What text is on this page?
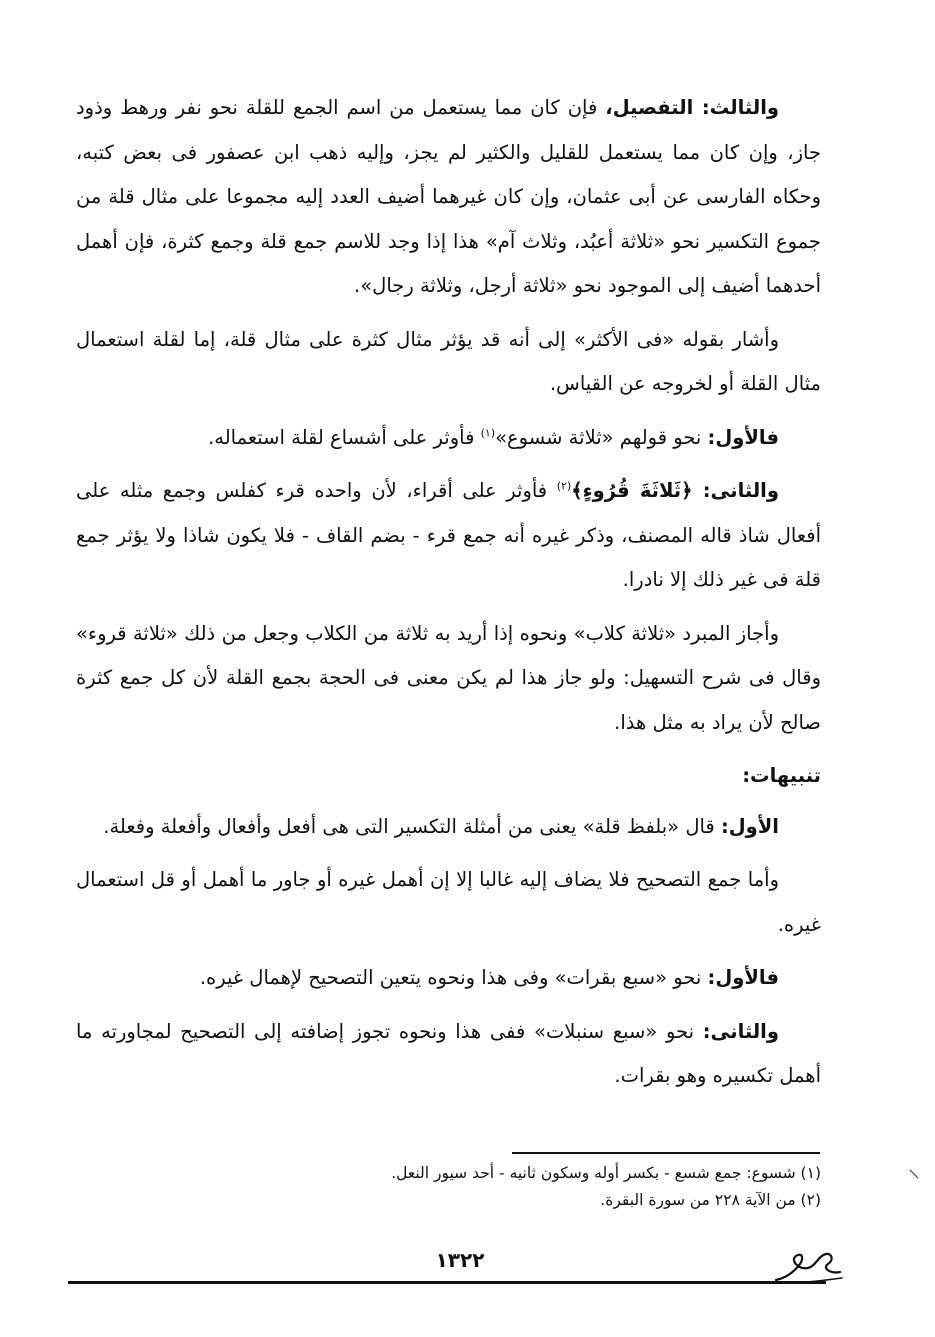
والثالث: التفصيل، فإن كان مما يستعمل من اسم الجمع للقلة نحو نفر ورهط وذود جاز، وإن كان مما يستعمل للقليل والكثير لم يجز، وإليه ذهب ابن عصفور فى بعض كتبه، وحكاه الفارسى عن أبى عثمان، وإن كان غيرهما أضيف العدد إليه مجموعا على مثال قلة من جموع التكسير نحو «ثلاثة أعبُد، وثلاث آم» هذا إذا وجد للاسم جمع قلة وجمع كثرة، فإن أهمل أحدهما أضيف إلى الموجود نحو «ثلاثة أرجل، وثلاثة رجال».

وأشار بقوله «فى الأكثر» إلى أنه قد يؤثر مثال كثرة على مثال قلة، إما لقلة استعمال مثال القلة أو لخروجه عن القياس.

فالأول: نحو قولهم «ثلاثة شسوع»$^{(١)}$ فأوثر على أشساع لقلة استعماله.

والثانى: ﴿ثَلاثَةَ قُرُوءٍ﴾$^{(٢)}$ فأوثر على أقراء، لأن واحده قرء كفلس وجمع مثله على أفعال شاذ قاله المصنف، وذكر غيره أنه جمع قرء - بضم القاف - فلا يكون شاذا ولا يؤثر جمع قلة فى غير ذلك إلا نادرا.

وأجاز المبرد «ثلاثة كلاب» ونحوه إذا أريد به ثلاثة من الكلاب وجعل من ذلك «ثلاثة قروء» وقال فى شرح التسهيل: ولو جاز هذا لم يكن معنى فى الحجة بجمع القلة لأن كل جمع كثرة صالح لأن يراد به مثل هذا.

تنبيهات:

الأول: قال «بلفظ قلة» يعنى من أمثلة التكسير التى هى أفعل وأفعال وأفعلة وفعلة.

وأما جمع التصحيح فلا يضاف إليه غالبا إلا إن أهمل غيره أو جاور ما أهمل أو قل استعمال غيره.

فالأول: نحو «سبع بقرات» وفى هذا ونحوه يتعين التصحيح لإهمال غيره.

والثانى: نحو «سبع سنبلات» ففى هذا ونحوه تجوز إضافته إلى التصحيح لمجاورته ما أهمل تكسيره وهو بقرات.

(١) شسوع: جمع شسع - بكسر أوله وسكون ثانيه - أحد سيور النعل.
(٢) من الآية ٢٢٨ من سورة البقرة.
١٣٢٢
